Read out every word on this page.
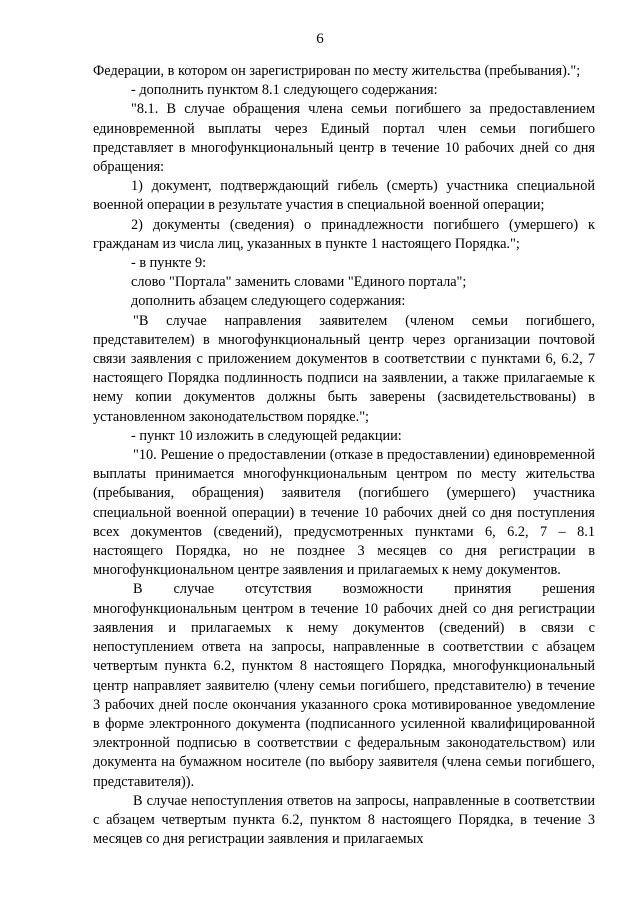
6

Федерации, в котором он зарегистрирован по месту жительства (пребывания).";

- дополнить пунктом 8.1 следующего содержания:

"8.1. В случае обращения члена семьи погибшего за предоставлением единовременной выплаты через Единый портал член семьи погибшего представляет в многофункциональный центр в течение 10 рабочих дней со дня обращения:

1) документ, подтверждающий гибель (смерть) участника специальной военной операции в результате участия в специальной военной операции;

2) документы (сведения) о принадлежности погибшего (умершего) к гражданам из числа лиц, указанных в пункте 1 настоящего Порядка.";

- в пункте 9:

слово "Портала" заменить словами "Единого портала";

дополнить абзацем следующего содержания:

"В случае направления заявителем (членом семьи погибшего, представителем) в многофункциональный центр через организации почтовой связи заявления с приложением документов в соответствии с пунктами 6, 6.2, 7 настоящего Порядка подлинность подписи на заявлении, а также прилагаемые к нему копии документов должны быть заверены (засвидетельствованы) в установленном законодательством порядке.";

- пункт 10 изложить в следующей редакции:

"10. Решение о предоставлении (отказе в предоставлении) единовременной выплаты принимается многофункциональным центром по месту жительства (пребывания, обращения) заявителя (погибшего (умершего) участника специальной военной операции) в течение 10 рабочих дней со дня поступления всех документов (сведений), предусмотренных пунктами 6, 6.2, 7 – 8.1 настоящего Порядка, но не позднее 3 месяцев со дня регистрации в многофункциональном центре заявления и прилагаемых к нему документов.

В случае отсутствия возможности принятия решения многофункциональным центром в течение 10 рабочих дней со дня регистрации заявления и прилагаемых к нему документов (сведений) в связи с непоступлением ответа на запросы, направленные в соответствии с абзацем четвертым пункта 6.2, пунктом 8 настоящего Порядка, многофункциональный центр направляет заявителю (члену семьи погибшего, представителю) в течение 3 рабочих дней после окончания указанного срока мотивированное уведомление в форме электронного документа (подписанного усиленной квалифицированной электронной подписью в соответствии с федеральным законодательством) или документа на бумажном носителе (по выбору заявителя (члена семьи погибшего, представителя)).

В случае непоступления ответов на запросы, направленные в соответствии с абзацем четвертым пункта 6.2, пунктом 8 настоящего Порядка, в течение 3 месяцев со дня регистрации заявления и прилагаемых
